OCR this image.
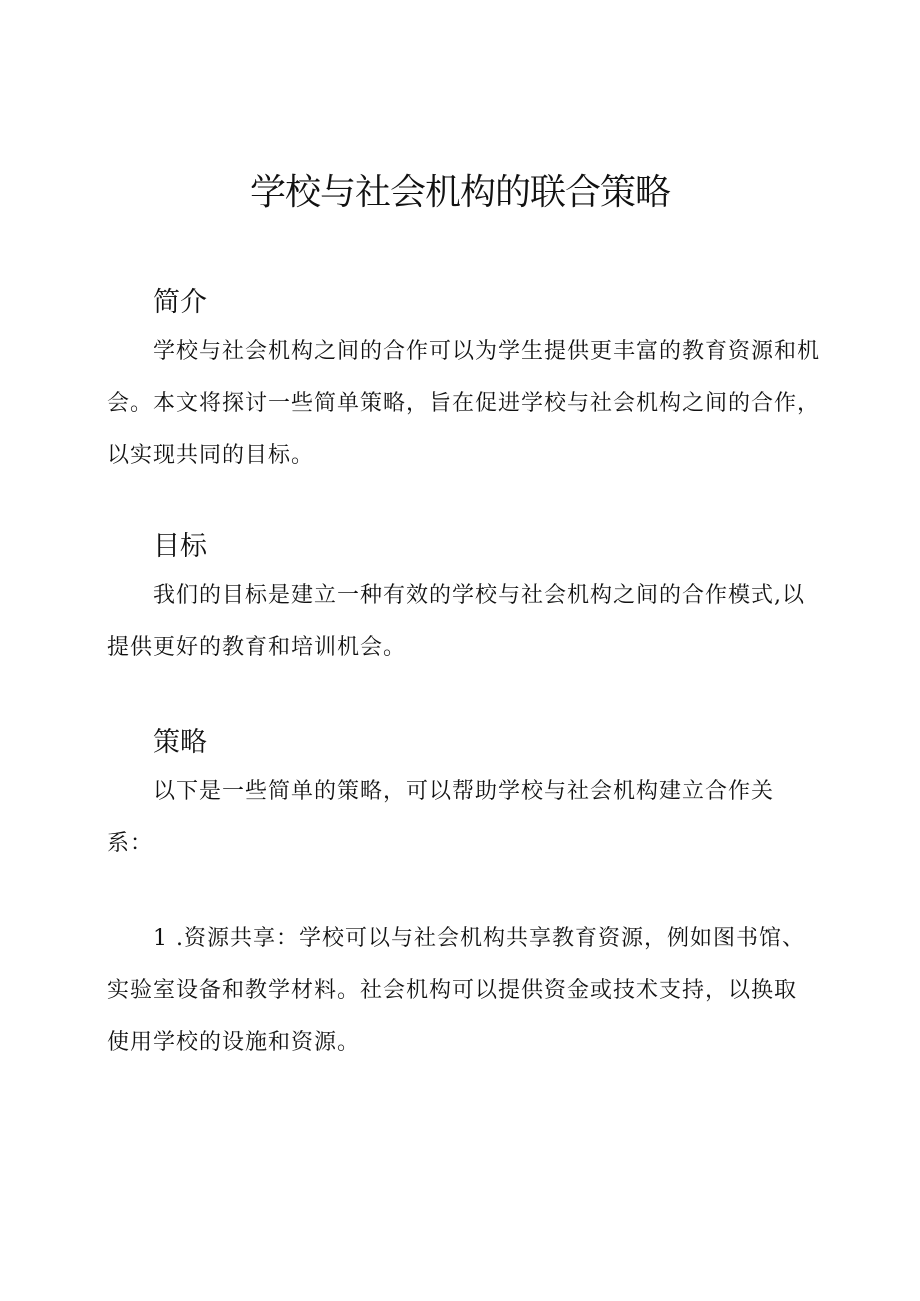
学校与社会机构的联合策略
简介

学校与社会机构之间的合作可以为学生提供更丰富的教育资源和机会。本文将探讨一些简单策略，旨在促进学校与社会机构之间的合作，以实现共同的目标。

目标

我们的目标是建立一种有效的学校与社会机构之间的合作模式,以提供更好的教育和培训机会。

策略

以下是一些简单的策略，可以帮助学校与社会机构建立合作关系：

1 .资源共享：学校可以与社会机构共享教育资源，例如图书馆、实验室设备和教学材料。社会机构可以提供资金或技术支持，以换取使用学校的设施和资源。
